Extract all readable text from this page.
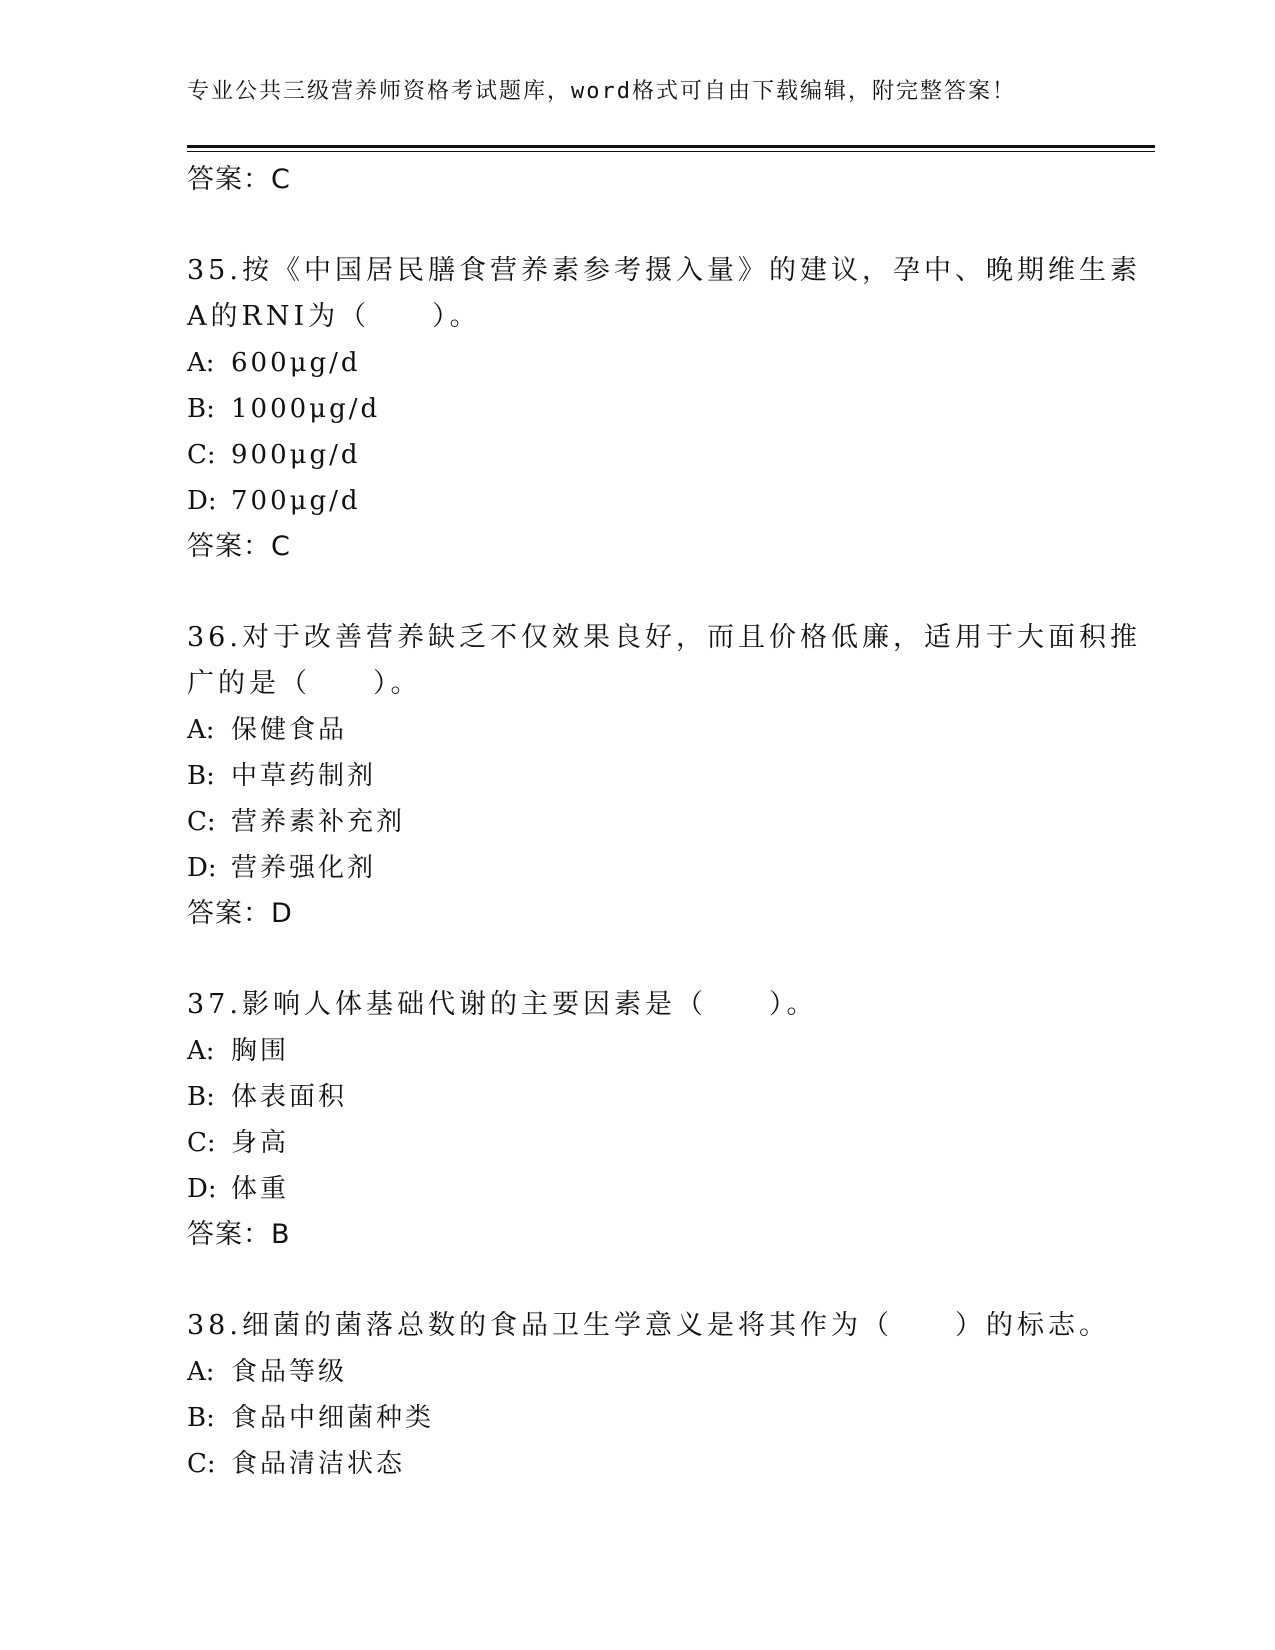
专业公共三级营养师资格考试题库，word格式可自由下载编辑，附完整答案！
答案：C
35.按《中国居民膳食营养素参考摄入量》的建议，孕中、晚期维生素
A的RNI为（　　）。
A: 600μg/d
B: 1000μg/d
C: 900μg/d
D: 700μg/d
答案：C
36.对于改善营养缺乏不仅效果良好，而且价格低廉，适用于大面积推
广的是（　　）。
A: 保健食品
B: 中草药制剂
C: 营养素补充剂
D: 营养强化剂
答案：D
37.影响人体基础代谢的主要因素是（　　）。
A: 胸围
B: 体表面积
C: 身高
D: 体重
答案：B
38.细菌的菌落总数的食品卫生学意义是将其作为（　　）的标志。
A: 食品等级
B: 食品中细菌种类
C: 食品清洁状态
